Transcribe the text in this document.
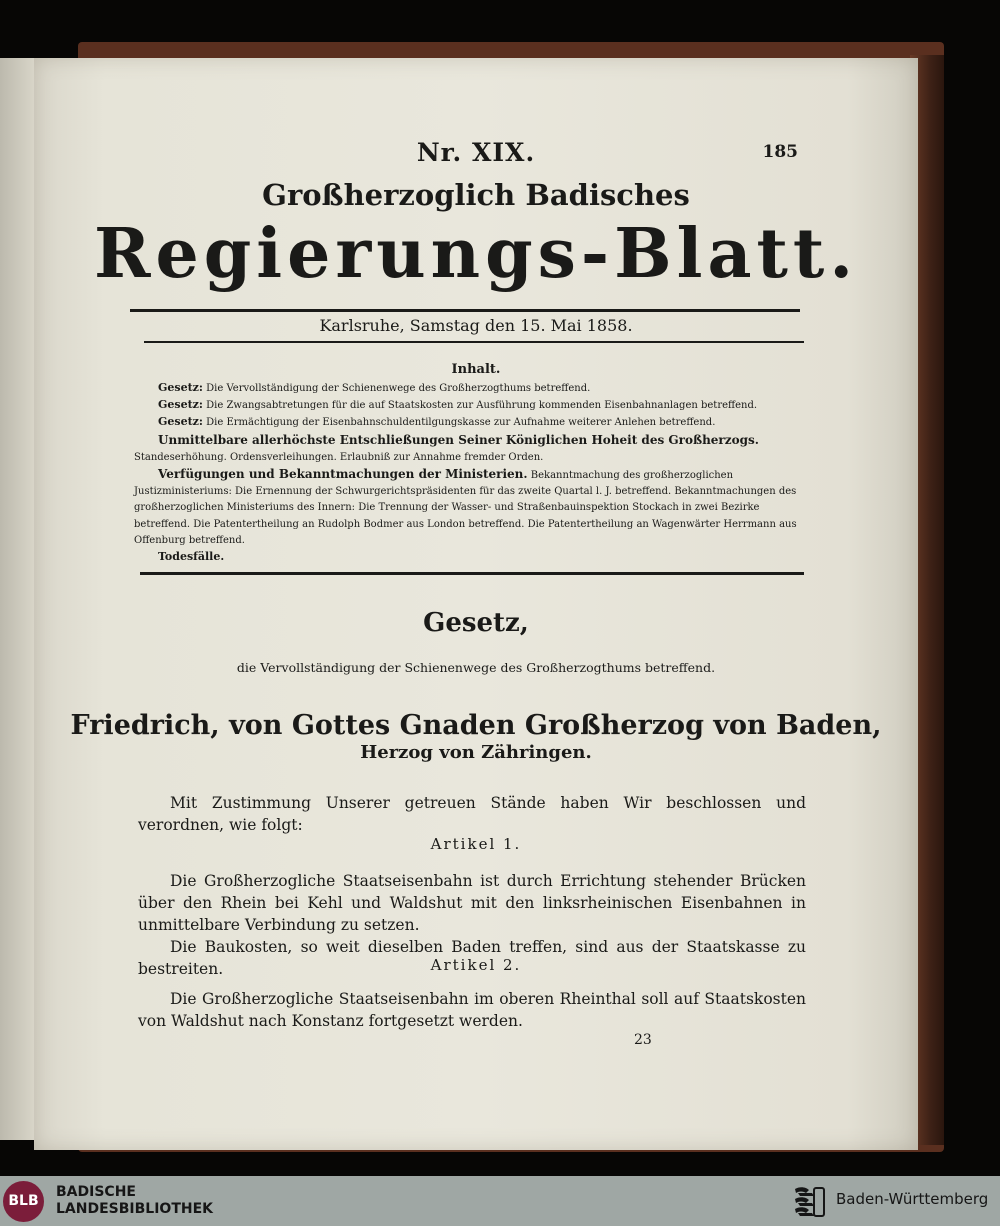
185
Nr. XIX.
Großherzoglich Badisches
Regierungs-Blatt.
Karlsruhe, Samstag den 15. Mai 1858.
Inhalt.

Gesetz: Die Vervollständigung der Schienenwege des Großherzogthums betreffend.

Gesetz: Die Zwangsabtretungen für die auf Staatskosten zur Ausführung kommenden Eisenbahnanlagen betreffend.

Gesetz: Die Ermächtigung der Eisenbahnschuldentilgungskasse zur Aufnahme weiterer Anlehen betreffend.

Unmittelbare allerhöchste Entschließungen Seiner Königlichen Hoheit des Großherzogs. Standeserhöhung. Ordensverleihungen. Erlaubniß zur Annahme fremder Orden.

Verfügungen und Bekanntmachungen der Ministerien. Bekanntmachung des großherzoglichen Justizministeriums: Die Ernennung der Schwurgerichtspräsidenten für das zweite Quartal l. J. betreffend. Bekanntmachungen des großherzoglichen Ministeriums des Innern: Die Trennung der Wasser- und Straßenbauinspektion Stockach in zwei Bezirke betreffend. Die Patentertheilung an Rudolph Bodmer aus London betreffend. Die Patentertheilung an Wagenwärter Herrmann aus Offenburg betreffend.

Todesfälle.

Gesetz,
die Vervollständigung der Schienenwege des Großherzogthums betreffend.
Friedrich, von Gottes Gnaden Großherzog von Baden,
Herzog von Zähringen.

Mit Zustimmung Unserer getreuen Stände haben Wir beschlossen und verordnen, wie folgt:

Artikel 1.

Die Großherzogliche Staatseisenbahn ist durch Errichtung stehender Brücken über den Rhein bei Kehl und Waldshut mit den linksrheinischen Eisenbahnen in unmittelbare Verbindung zu setzen.

Die Baukosten, so weit dieselben Baden treffen, sind aus der Staatskasse zu bestreiten.	Artikel 2.

Die Großherzogliche Staatseisenbahn im oberen Rheinthal soll auf Staatskosten von Waldshut nach Konstanz fortgesetzt werden.

23
BLB
BADISCHE
LANDESBIBLIOTHEK
Baden-Württemberg
